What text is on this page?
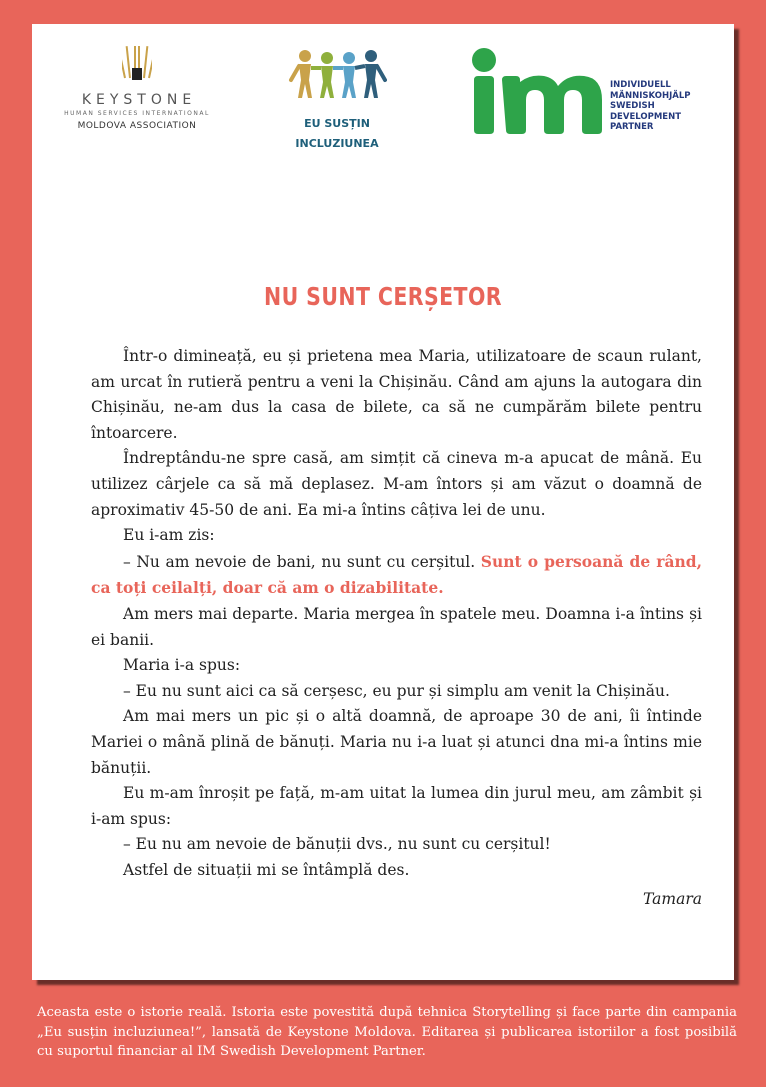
KEYSTONE
HUMAN SERVICES INTERNATIONAL
MOLDOVA ASSOCIATION	EU SUSȚIN
INCLUZIUNEA
INDIVIDUELL
MÄNNISKOHJÄLP
SWEDISH
DEVELOPMENT
PARTNER
NU SUNT CERȘETOR

Într-o dimineață, eu și prietena mea Maria, utilizatoare de scaun rulant, am urcat în rutieră pentru a veni la Chișinău. Când am ajuns la autogara din Chișinău, ne-am dus la casa de bilete, ca să ne cumpărăm bilete pentru întoarcere.

Îndreptându-ne spre casă, am simțit că cineva m-a apucat de mână. Eu utilizez cârjele ca să mă deplasez. M-am întors și am văzut o doamnă de aproximativ 45-50 de ani. Ea mi-a întins câțiva lei de unu.

Eu i-am zis:

– Nu am nevoie de bani, nu sunt cu cerșitul. Sunt o persoană de rând, ca toți ceilalți, doar că am o dizabilitate.

Am mers mai departe. Maria mergea în spatele meu. Doamna i-a întins și ei banii.

Maria i-a spus:

– Eu nu sunt aici ca să cerșesc, eu pur și simplu am venit la Chișinău.

Am mai mers un pic și o altă doamnă, de aproape 30 de ani, îi întinde Mariei o mână plină de bănuți. Maria nu i-a luat și atunci dna mi-a întins mie bănuții.

Eu m-am înroșit pe față, m-am uitat la lumea din jurul meu, am zâmbit și i-am spus:

– Eu nu am nevoie de bănuții dvs., nu sunt cu cerșitul!

Astfel de situații mi se întâmplă des.

Tamara
Aceasta este o istorie reală. Istoria este povestită după tehnica Storytelling și face parte din campania „Eu susțin incluziunea!”, lansată de Keystone Moldova. Editarea și publicarea istoriilor a fost posibilă cu suportul financiar al IM Swedish Development Partner.
